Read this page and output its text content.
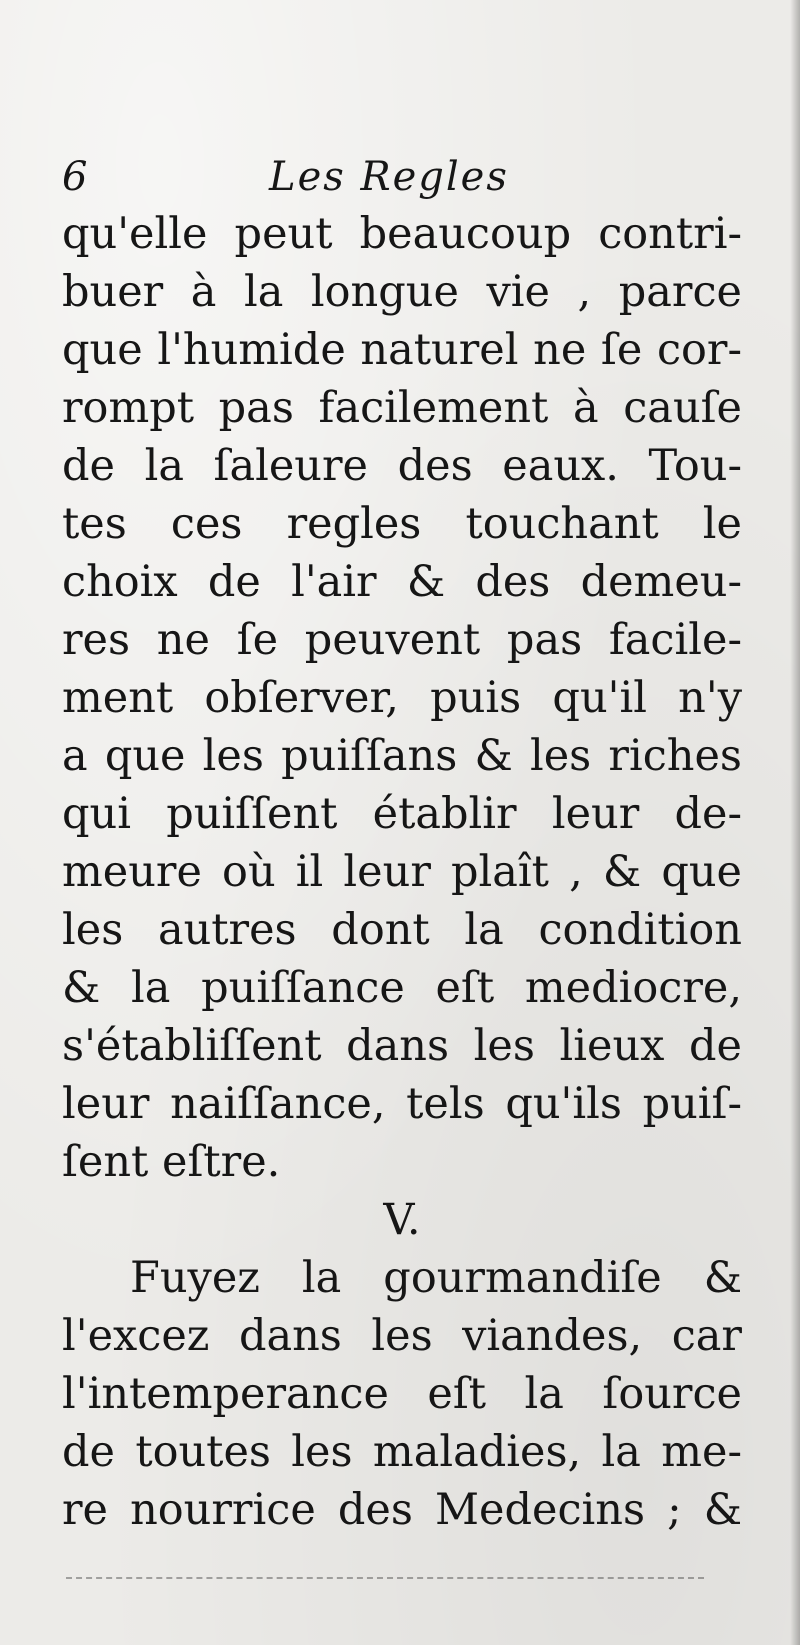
6	Les Regles
qu'elle peut beaucoup contri-
buer à la longue vie , parce
que l'humide naturel ne ſe cor-
rompt pas facilement à cauſe
de la ſaleure des eaux. Tou-
tes ces regles touchant le
choix de l'air & des demeu-
res ne ſe peuvent pas facile-
ment obſerver, puis qu'il n'y
a que les puiſſans & les riches
qui puiſſent établir leur de-
meure où il leur plaît , & que
les autres dont la condition
& la puiſſance eſt mediocre,
s'établiſſent dans les lieux de
leur naiſſance, tels qu'ils puiſ-
ſent eſtre.
V.
Fuyez la gourmandiſe &
l'excez dans les viandes, car
l'intemperance eſt la ſource
de toutes les maladies, la me-
re nourrice des Medecins ; &
